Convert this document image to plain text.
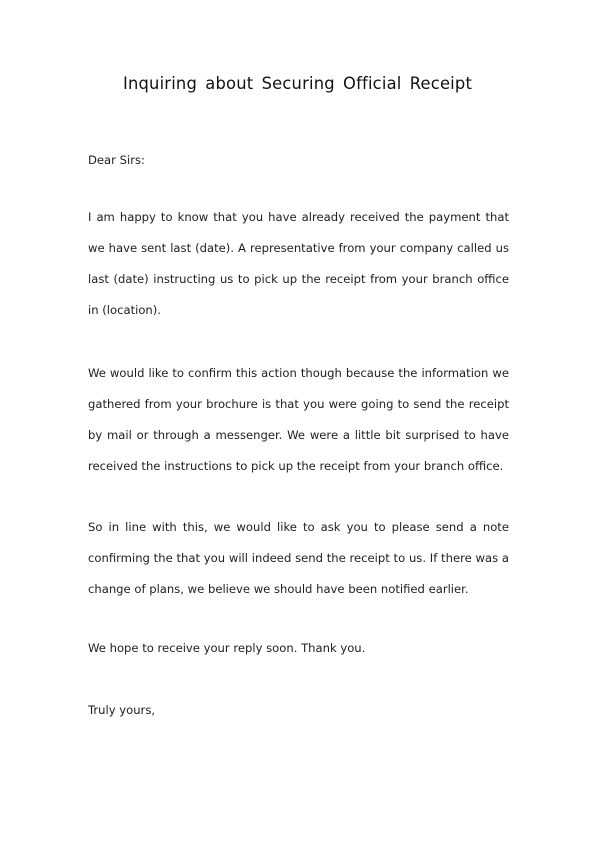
Inquiring about Securing Official Receipt

Dear Sirs:

I am happy to know that you have already received the payment that we have sent last (date). A representative from your company called us last (date) instructing us to pick up the receipt from your branch office in (location).

We would like to confirm this action though because the information we gathered from your brochure is that you were going to send the receipt by mail or through a messenger. We were a little bit surprised to have received the instructions to pick up the receipt from your branch office.

So in line with this, we would like to ask you to please send a note confirming the that you will indeed send the receipt to us. If there was a change of plans, we believe we should have been notified earlier.

We hope to receive your reply soon. Thank you.

Truly yours,
